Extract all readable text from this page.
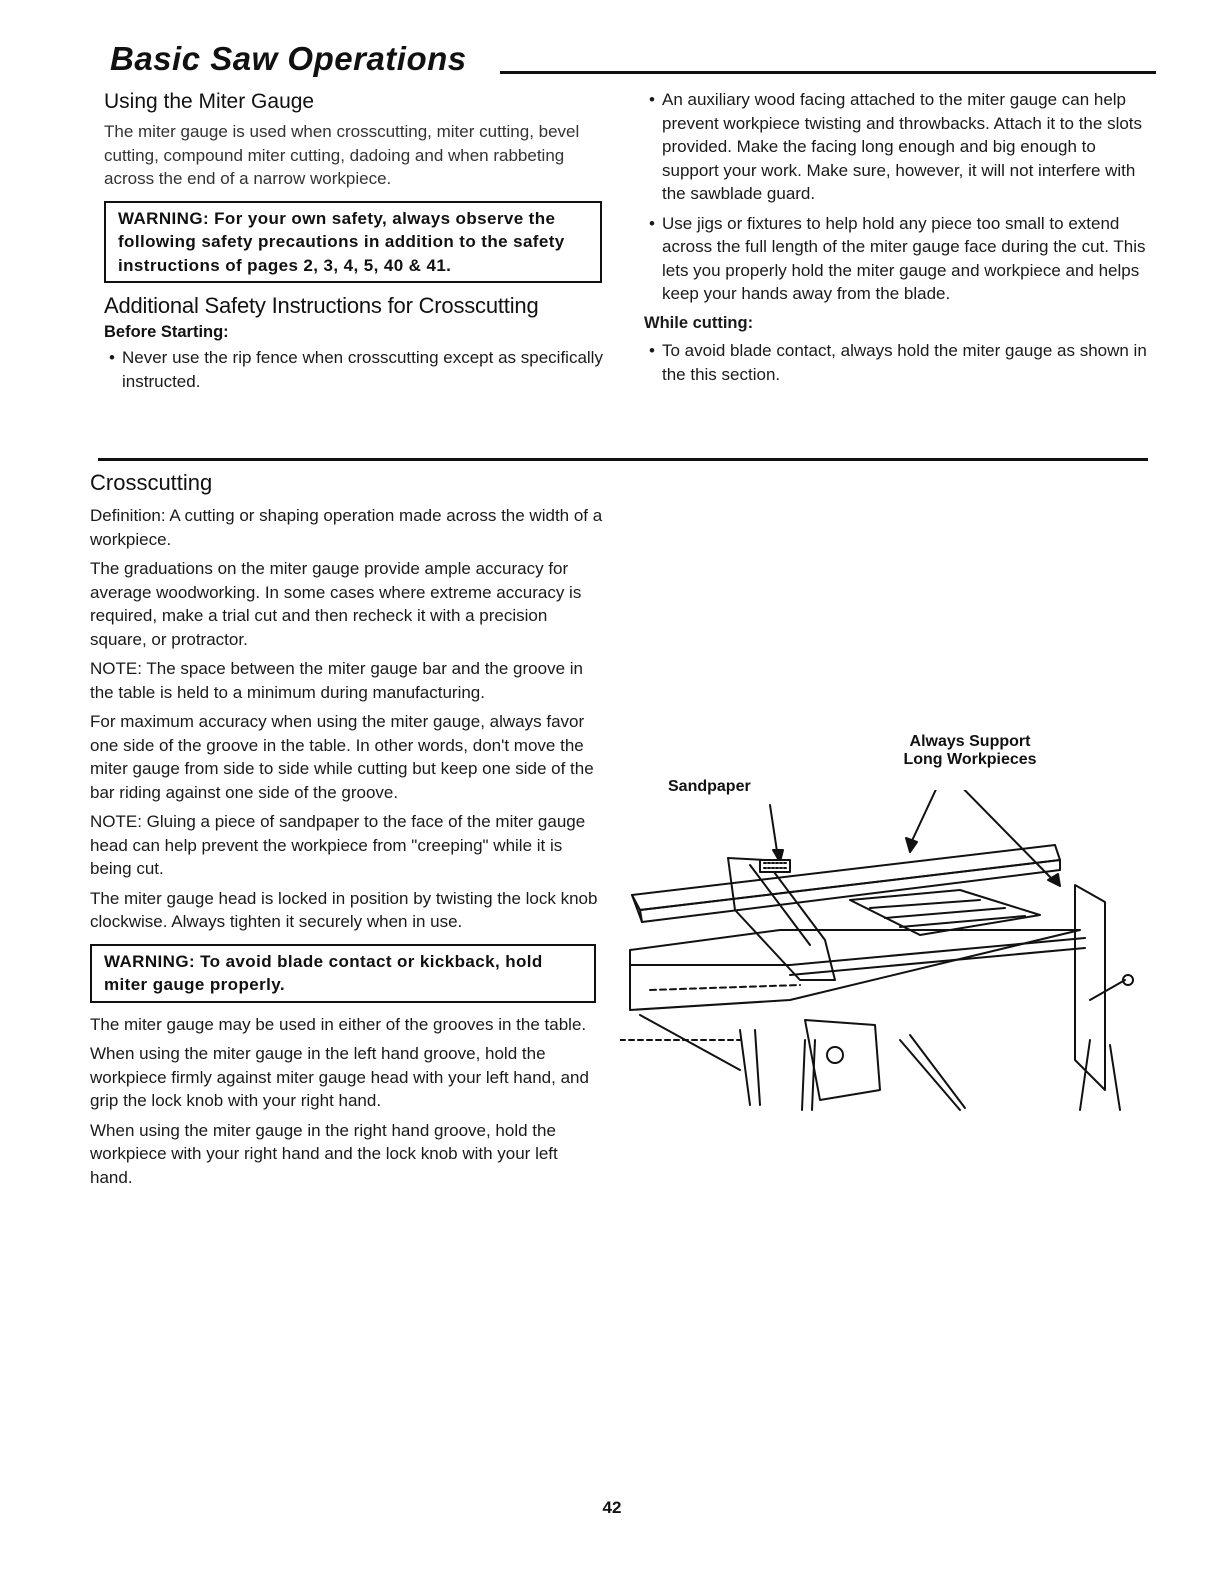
Basic Saw Operations
Using the Miter Gauge

The miter gauge is used when crosscutting, miter cutting, bevel cutting, compound miter cutting, dadoing and when rabbeting across the end of a narrow workpiece.

WARNING: For your own safety, always observe the following safety precautions in addition to the safety instructions of pages 2, 3, 4, 5, 40 & 41.
Additional Safety Instructions for Crosscutting
Before Starting:

• Never use the rip fence when crosscutting except as specifically instructed.

• An auxiliary wood facing attached to the miter gauge can help prevent workpiece twisting and throwbacks. Attach it to the slots provided. Make the facing long enough and big enough to support your work. Make sure, however, it will not interfere with the sawblade guard.

• Use jigs or fixtures to help hold any piece too small to extend across the full length of the miter gauge face during the cut. This lets you properly hold the miter gauge and workpiece and helps keep your hands away from the blade.

While cutting:

• To avoid blade contact, always hold the miter gauge as shown in the this section.

Crosscutting

Definition: A cutting or shaping operation made across the width of a workpiece.

The graduations on the miter gauge provide ample accuracy for average woodworking. In some cases where extreme accuracy is required, make a trial cut and then recheck it with a precision square, or protractor.

NOTE: The space between the miter gauge bar and the groove in the table is held to a minimum during manufacturing.

For maximum accuracy when using the miter gauge, always favor one side of the groove in the table. In other words, don't move the miter gauge from side to side while cutting but keep one side of the bar riding against one side of the groove.

NOTE: Gluing a piece of sandpaper to the face of the miter gauge head can help prevent the workpiece from "creeping" while it is being cut.

The miter gauge head is locked in position by twisting the lock knob clockwise. Always tighten it securely when in use.

WARNING: To avoid blade contact or kickback, hold miter gauge properly.

The miter gauge may be used in either of the grooves in the table.

When using the miter gauge in the left hand groove, hold the workpiece firmly against miter gauge head with your left hand, and grip the lock knob with your right hand.

When using the miter gauge in the right hand groove, hold the workpiece with your right hand and the lock knob with your left hand.

Sandpaper
Always Support
Long Workpieces
42
